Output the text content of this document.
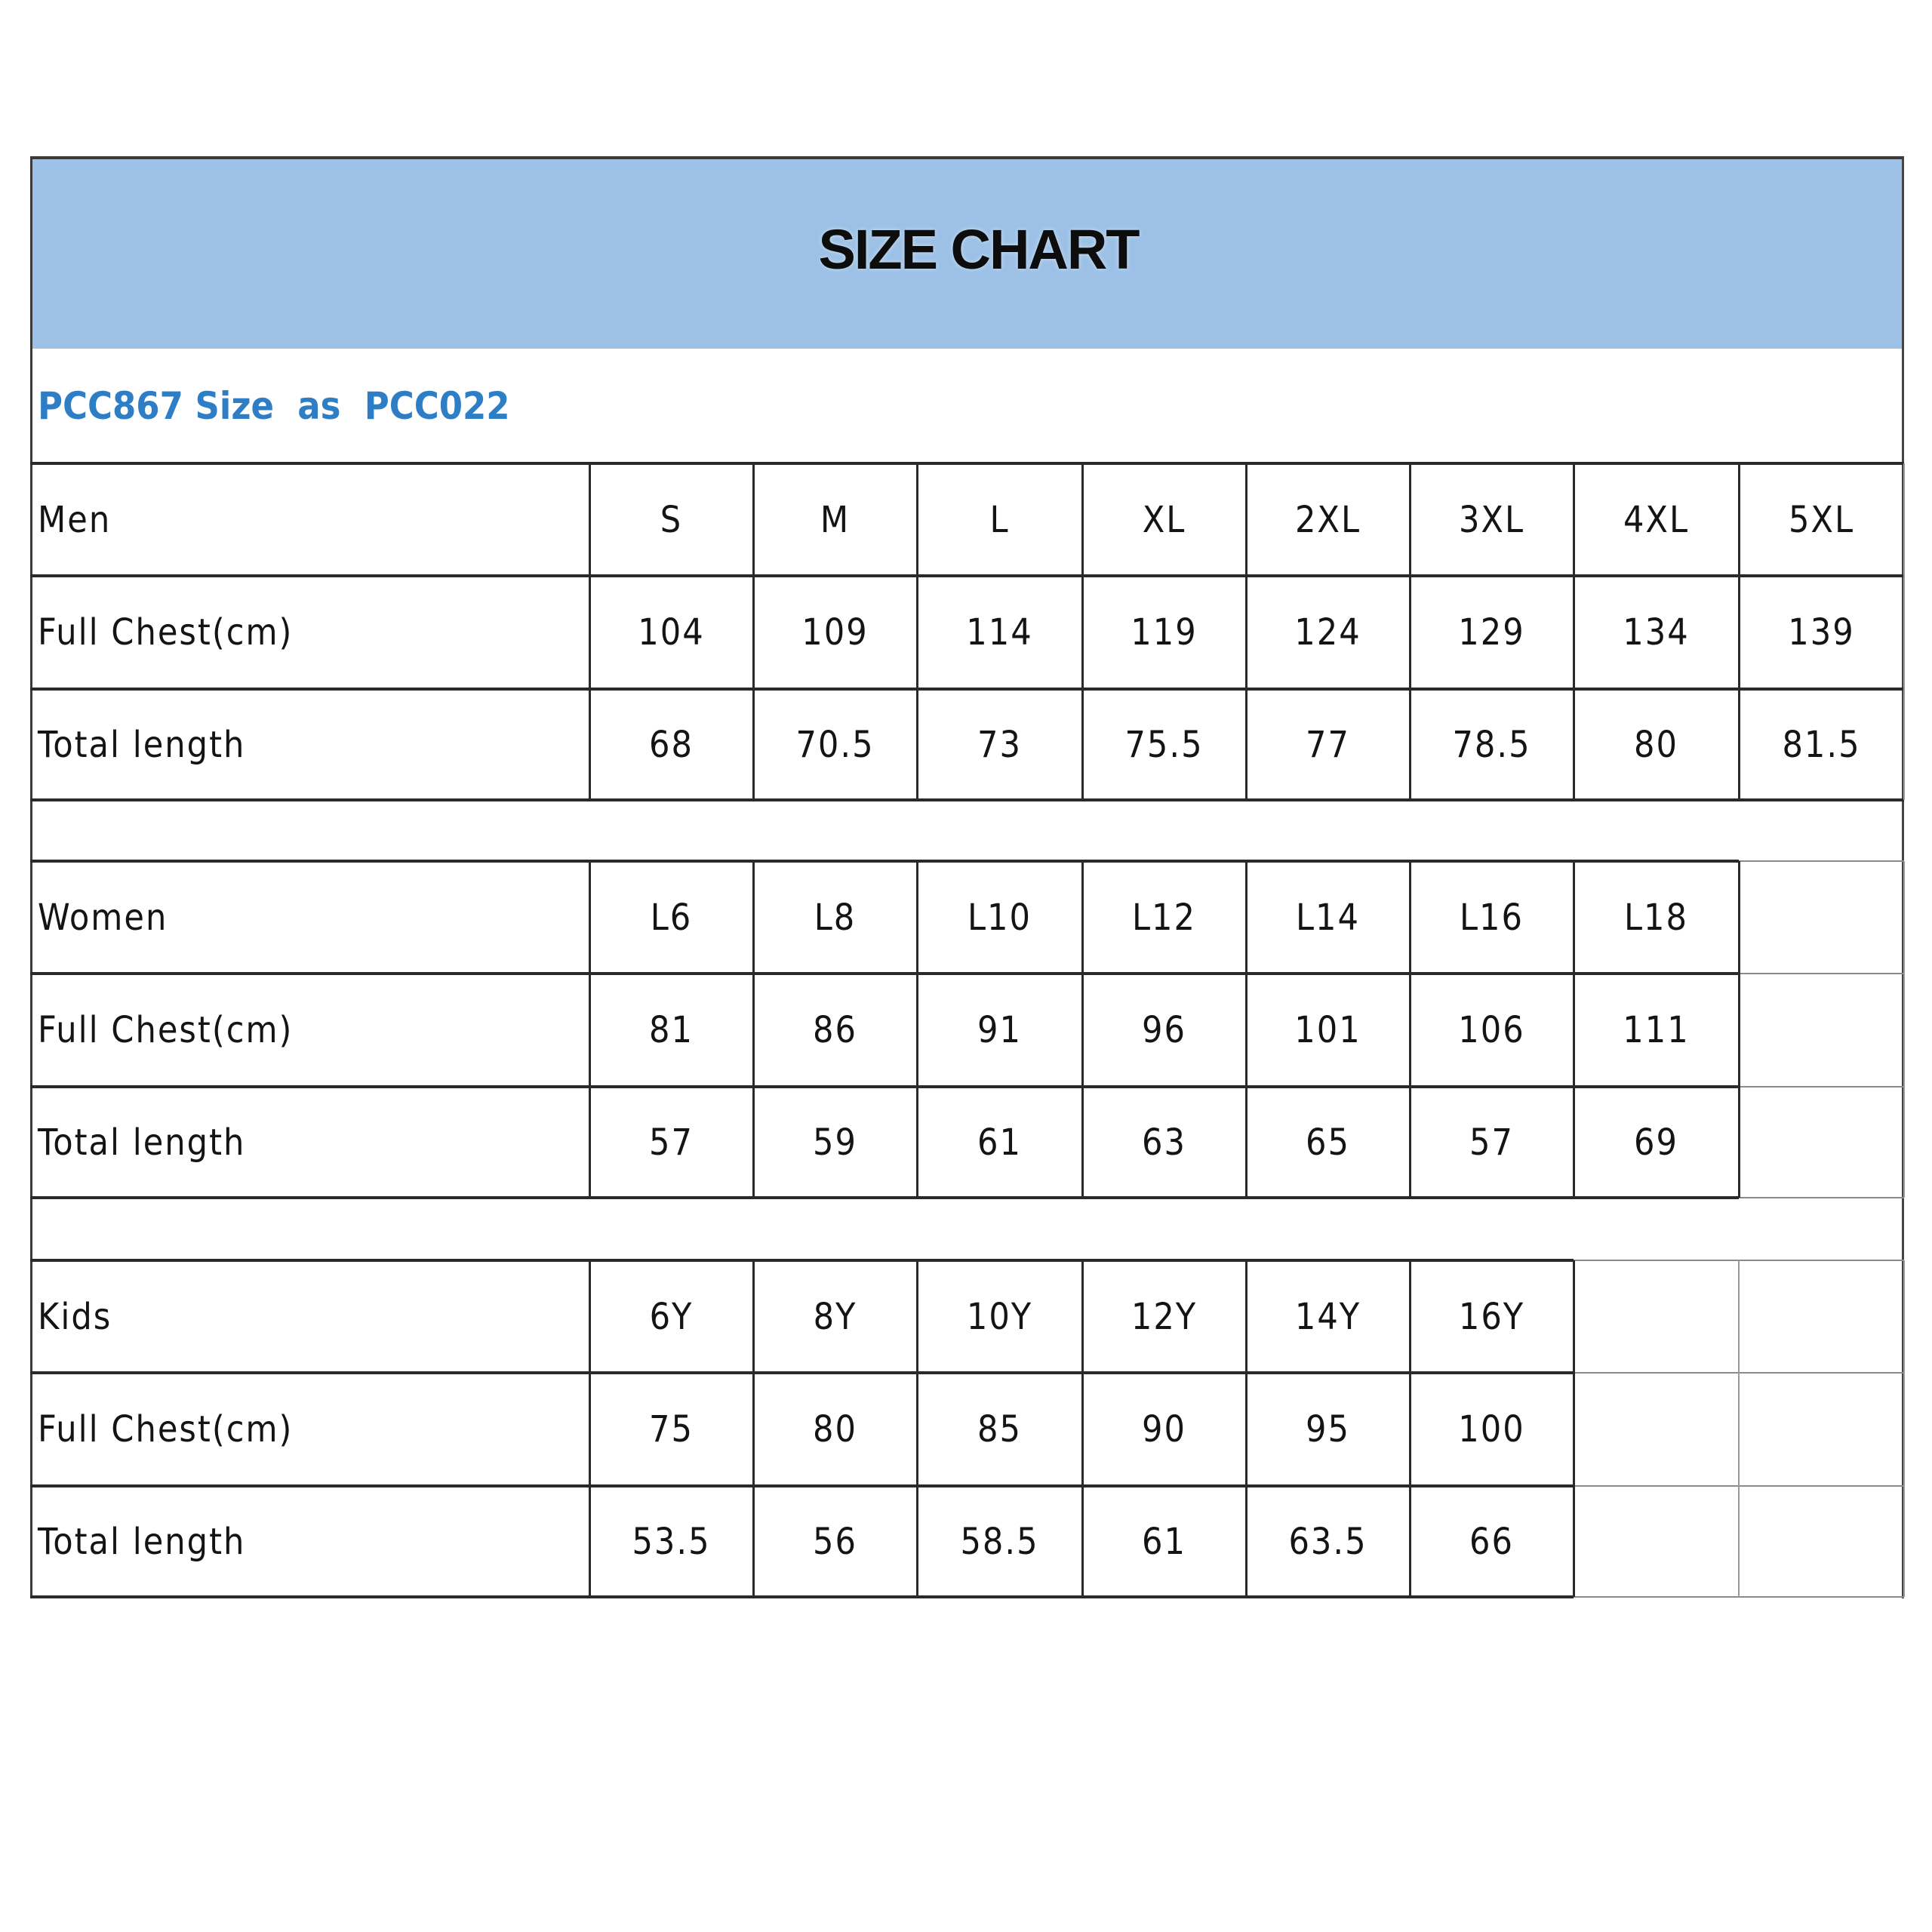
SIZE CHART
PCC867 Size  as  PCC022
Men	S	M	L	XL	2XL	3XL	4XL	5XL
Full Chest(cm)	104	109	114	119	124	129	134	139
Total length	68	70.5	73	75.5	77	78.5	80	81.5
Women	L6	L8	L10	L12	L14	L16	L18
Full Chest(cm)	81	86	91	96	101	106	111
Total length	57	59	61	63	65	57	69
Kids	6Y	8Y	10Y	12Y	14Y	16Y
Full Chest(cm)	75	80	85	90	95	100
Total length	53.5	56	58.5	61	63.5	66
